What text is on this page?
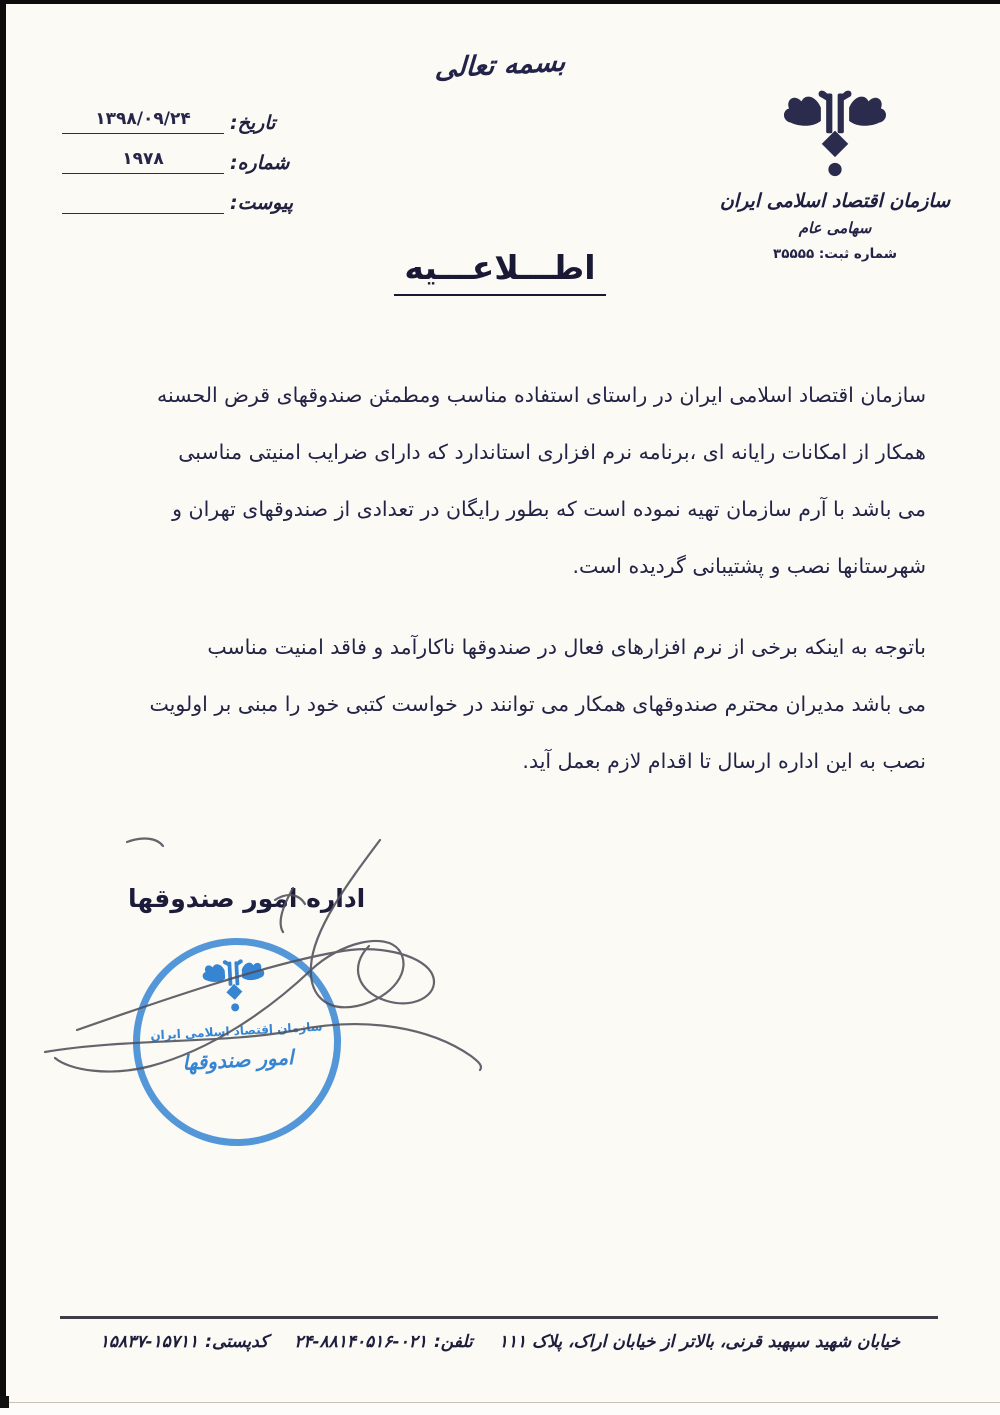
بسمه تعالی
سازمان اقتصاد اسلامی ایران
سهامی عام
شماره ثبت: ۳۵۵۵۵
تاریخ:
۱۳۹۸/۰۹/۲۴
شماره:
۱۹۷۸
پیوست:
اطـــلاعـــیه
سازمان اقتصاد اسلامی ایران در راستای استفاده مناسب ومطمئن صندوقهای قرض الحسنه
همکار از امکانات رایانه ای ،برنامه نرم افزاری استاندارد که دارای ضرایب امنیتی مناسبی
می باشد با آرم سازمان تهیه نموده است که بطور رایگان در تعدادی از صندوقهای تهران و
شهرستانها نصب و پشتیبانی گردیده است.
باتوجه به اینکه برخی از نرم افزارهای فعال در صندوقها ناکارآمد و فاقد امنیت مناسب
می باشد مدیران محترم صندوقهای همکار می توانند در خواست کتبی خود را مبنی بر اولویت
نصب به این اداره ارسال تا اقدام لازم بعمل آید.
اداره امور صندوقها
سازمان اقتصاد اسلامی ایران
امور صندوقها
خیابان شهید سپهبد قرنی، بالاتر از خیابان اراک، پلاک ۱۱۱
تلفن:
۲۴-۸۸۱۴۰۵۱۶-۰۲۱
کدپستی:
۱۵۸۳۷-۱۵۷۱۱
